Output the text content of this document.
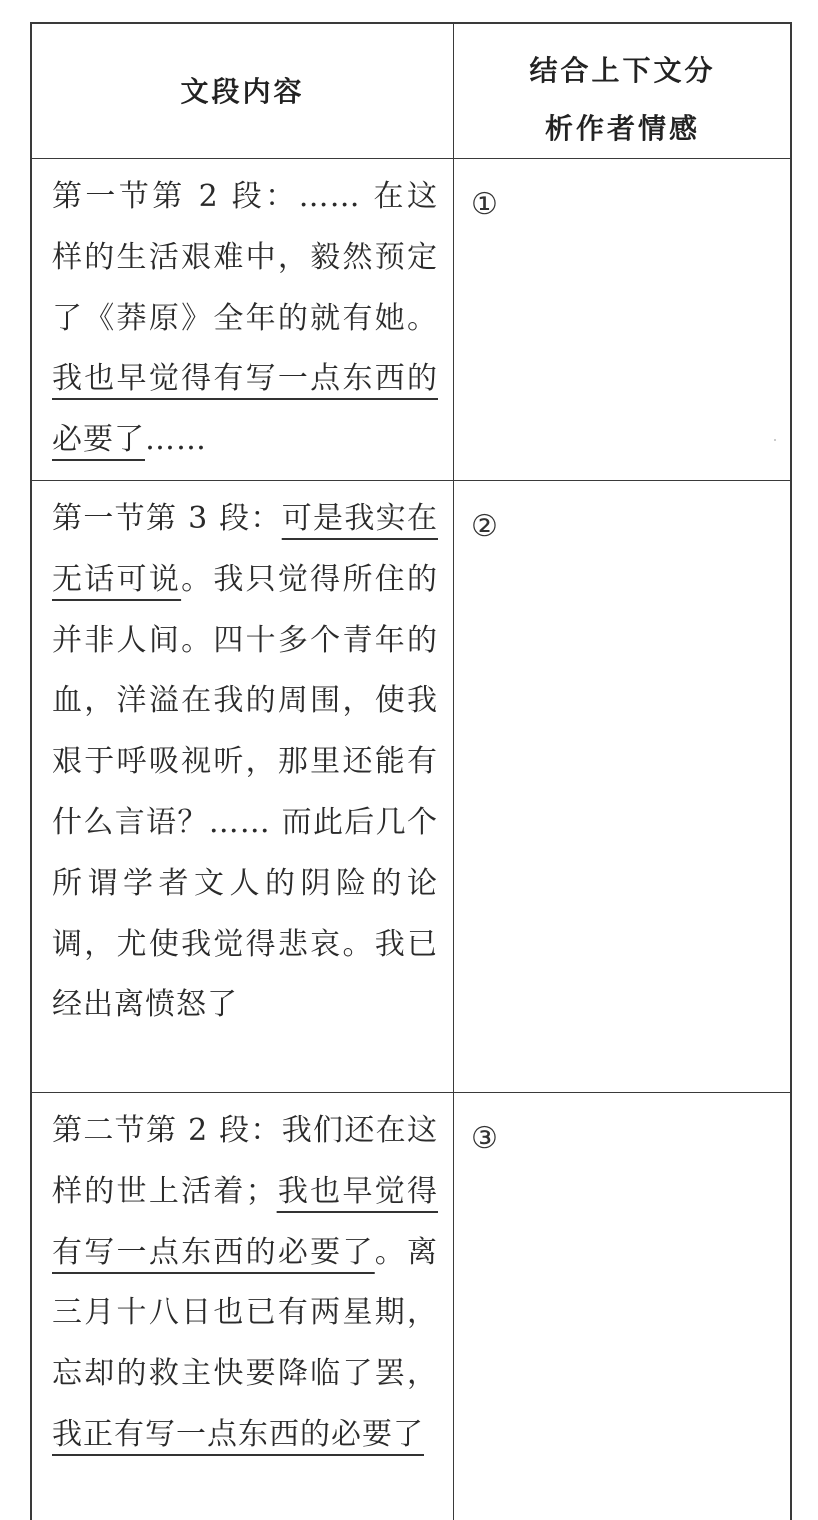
文段内容
结合上下文分
析作者情感
第一节第 2 段：…… 在这样的生活艰难中，毅然预定了《莽原》全年的就有她。我也早觉得有写一点东西的必要了……
①
第一节第 3 段：可是我实在无话可说。我只觉得所住的并非人间。四十多个青年的血，洋溢在我的周围，使我艰于呼吸视听，那里还能有什么言语？…… 而此后几个所谓学者文人的阴险的论调，尤使我觉得悲哀。我已经出离愤怒了
②
第二节第 2 段：我们还在这样的世上活着；我也早觉得有写一点东西的必要了。离三月十八日也已有两星期，忘却的救主快要降临了罢，我正有写一点东西的必要了
③
